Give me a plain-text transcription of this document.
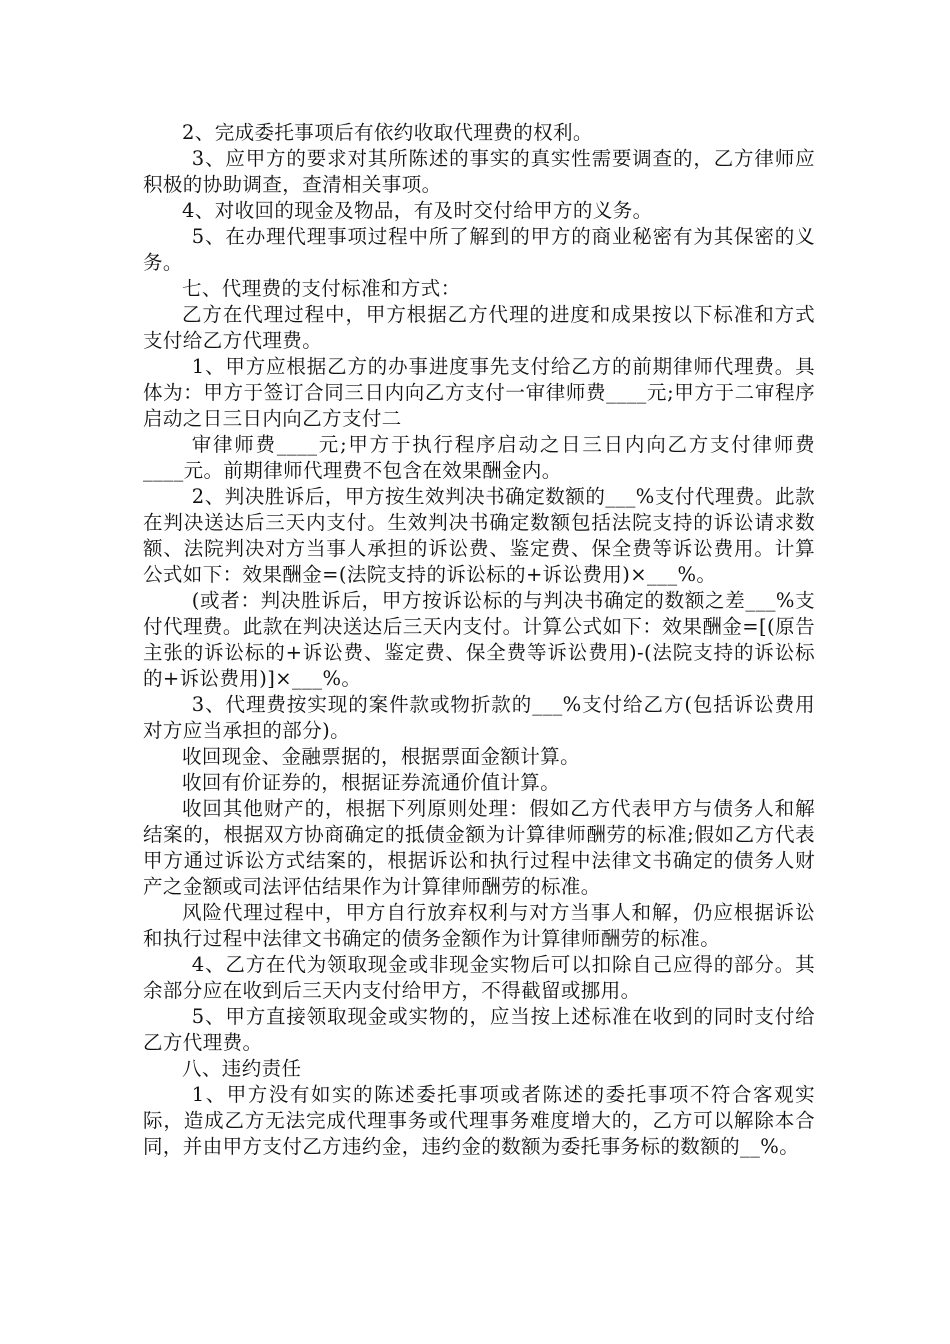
2、完成委托事项后有依约收取代理费的权利。

3、应甲方的要求对其所陈述的事实的真实性需要调查的，乙方律师应积极的协助调查，查清相关事项。

4、对收回的现金及物品，有及时交付给甲方的义务。

5、在办理代理事项过程中所了解到的甲方的商业秘密有为其保密的义务。

七、代理费的支付标准和方式：

乙方在代理过程中，甲方根据乙方代理的进度和成果按以下标准和方式支付给乙方代理费。

1、甲方应根据乙方的办事进度事先支付给乙方的前期律师代理费。具体为：甲方于签订合同三日内向乙方支付一审律师费____元;甲方于二审程序启动之日三日内向乙方支付二

审律师费____元;甲方于执行程序启动之日三日内向乙方支付律师费____元。前期律师代理费不包含在效果酬金内。

2、判决胜诉后，甲方按生效判决书确定数额的___%支付代理费。此款在判决送达后三天内支付。生效判决书确定数额包括法院支持的诉讼请求数额、法院判决对方当事人承担的诉讼费、鉴定费、保全费等诉讼费用。计算公式如下：效果酬金=(法院支持的诉讼标的+诉讼费用)×___%。

(或者：判决胜诉后，甲方按诉讼标的与判决书确定的数额之差___%支付代理费。此款在判决送达后三天内支付。计算公式如下：效果酬金=[(原告主张的诉讼标的+诉讼费、鉴定费、保全费等诉讼费用)-(法院支持的诉讼标的+诉讼费用)]×___%。

3、代理费按实现的案件款或物折款的___%支付给乙方(包括诉讼费用对方应当承担的部分)。

收回现金、金融票据的，根据票面金额计算。

收回有价证券的，根据证券流通价值计算。

收回其他财产的，根据下列原则处理：假如乙方代表甲方与债务人和解结案的，根据双方协商确定的抵债金额为计算律师酬劳的标准;假如乙方代表甲方通过诉讼方式结案的，根据诉讼和执行过程中法律文书确定的债务人财产之金额或司法评估结果作为计算律师酬劳的标准。

风险代理过程中，甲方自行放弃权利与对方当事人和解，仍应根据诉讼和执行过程中法律文书确定的债务金额作为计算律师酬劳的标准。

4、乙方在代为领取现金或非现金实物后可以扣除自己应得的部分。其余部分应在收到后三天内支付给甲方，不得截留或挪用。

5、甲方直接领取现金或实物的，应当按上述标准在收到的同时支付给乙方代理费。

八、违约责任

1、甲方没有如实的陈述委托事项或者陈述的委托事项不符合客观实际，造成乙方无法完成代理事务或代理事务难度增大的，乙方可以解除本合同，并由甲方支付乙方违约金，违约金的数额为委托事务标的数额的__%。
